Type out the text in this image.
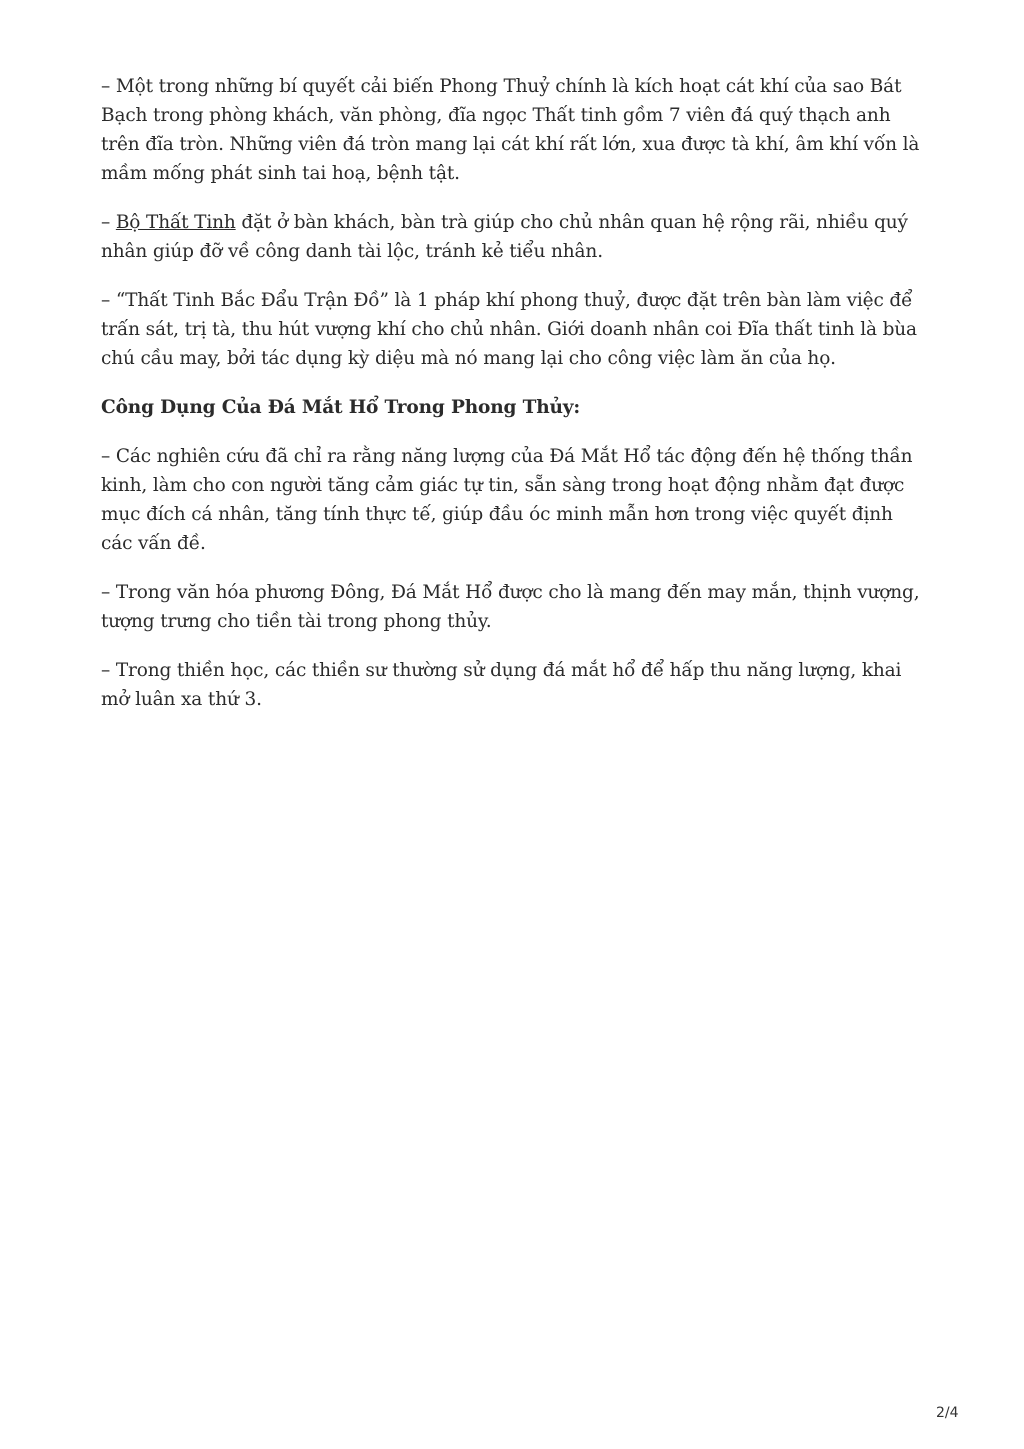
– Một trong những bí quyết cải biến Phong Thuỷ chính là kích hoạt cát khí của sao Bát Bạch trong phòng khách, văn phòng, đĩa ngọc Thất tinh gồm 7 viên đá quý thạch anh trên đĩa tròn. Những viên đá tròn mang lại cát khí rất lớn, xua được tà khí, âm khí vốn là mầm mống phát sinh tai hoạ, bệnh tật.

– Bộ Thất Tinh đặt ở bàn khách, bàn trà giúp cho chủ nhân quan hệ rộng rãi, nhiều quý nhân giúp đỡ về công danh tài lộc, tránh kẻ tiểu nhân.

– “Thất Tinh Bắc Đẩu Trận Đồ” là 1 pháp khí phong thuỷ, được đặt trên bàn làm việc để trấn sát, trị tà, thu hút vượng khí cho chủ nhân. Giới doanh nhân coi Đĩa thất tinh là bùa chú cầu may, bởi tác dụng kỳ diệu mà nó mang lại cho công việc làm ăn của họ.

Công Dụng Của Đá Mắt Hổ Trong Phong Thủy:

– Các nghiên cứu đã chỉ ra rằng năng lượng của Đá Mắt Hổ tác động đến hệ thống thần kinh, làm cho con người tăng cảm giác tự tin, sẵn sàng trong hoạt động nhằm đạt được mục đích cá nhân, tăng tính thực tế, giúp đầu óc minh mẫn hơn trong việc quyết định các vấn đề.

– Trong văn hóa phương Đông, Đá Mắt Hổ được cho là mang đến may mắn, thịnh vượng, tượng trưng cho tiền tài trong phong thủy.

– Trong thiền học, các thiền sư thường sử dụng đá mắt hổ để hấp thu năng lượng, khai mở luân xa thứ 3.

2/4
